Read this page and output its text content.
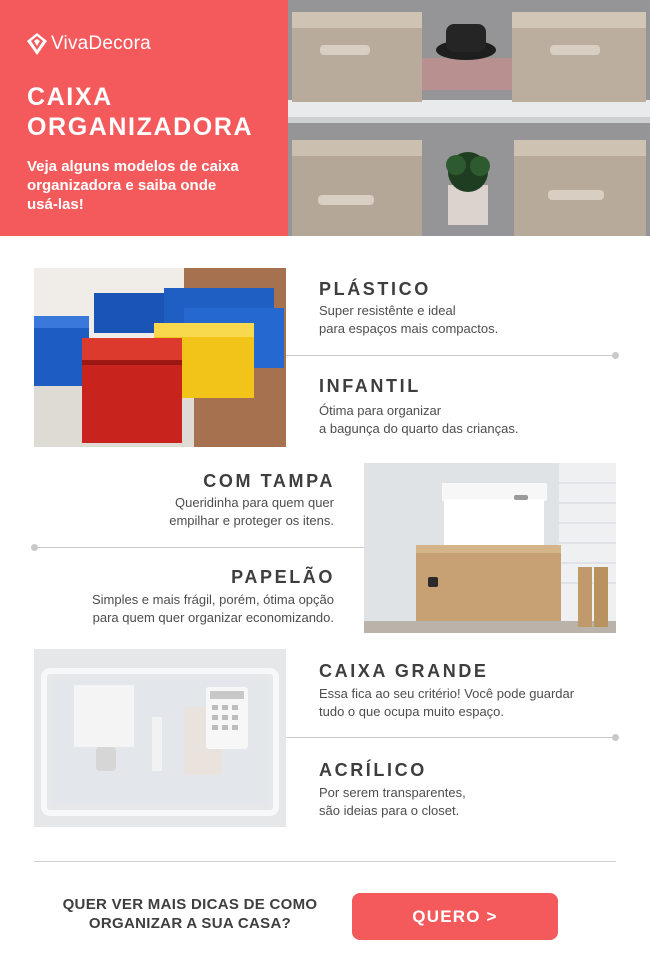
VivaDecora
CAIXA ORGANIZADORA
Veja alguns modelos de caixa organizadora e saiba onde usá-las!
PLÁSTICO
Super resistênte e ideal
para espaços mais compactos.
INFANTIL
Ótima para organizar
a bagunça do quarto das crianças.
COM TAMPA
Queridinha para quem quer
empilhar e proteger os itens.
PAPELÃO
Simples e mais frágil, porém, ótima opção
para quem quer organizar economizando.
CAIXA GRANDE
Essa fica ao seu critério! Você pode guardar
tudo o que ocupa muito espaço.
ACRÍLICO
Por serem transparentes,
são ideias para o closet.
QUER VER MAIS DICAS DE COMO
ORGANIZAR A SUA CASA?	QUERO >
